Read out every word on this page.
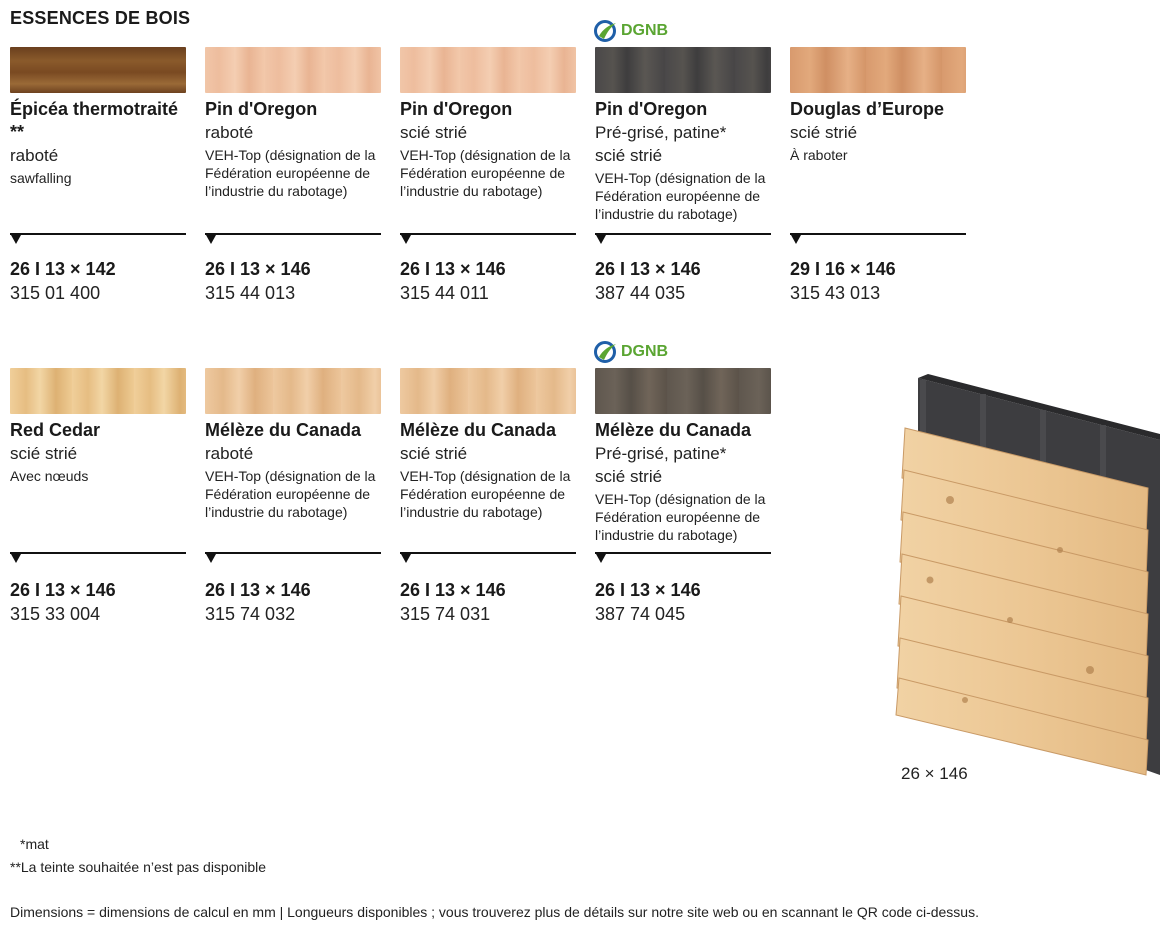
ESSENCES DE BOIS
DGNB
DGNB
Épicéa thermotraité **
raboté
sawfalling
26 I 13 × 142
315 01 400
Pin d'Oregon
raboté
VEH-Top (désignation de la Fédération européenne de l’industrie du rabotage)
26 I 13 × 146
315 44 013
Pin d'Oregon
scié strié
VEH-Top (désignation de la Fédération européenne de l’industrie du rabotage)
26 I 13 × 146
315 44 011
Pin d'Oregon
Pré-grisé, patine* scié strié
VEH-Top (désignation de la Fédération européenne de l’industrie du rabotage)
26 I 13 × 146
387 44 035
Douglas d’Europe
scié strié
À raboter
29 I 16 × 146
315 43 013
Red Cedar
scié strié
Avec nœuds
26 I 13 × 146
315 33 004
Mélèze du Canada
raboté
VEH-Top (désignation de la Fédération européenne de l’industrie du rabotage)
26 I 13 × 146
315 74 032
Mélèze du Canada
scié strié
VEH-Top (désignation de la Fédération européenne de l’industrie du rabotage)
26 I 13 × 146
315 74 031
Mélèze du Canada
Pré-grisé, patine* scié strié
VEH-Top (désignation de la Fédération européenne de l’industrie du rabotage)
26 I 13 × 146
387 74 045
26 × 146
*mat
**La teinte souhaitée n’est pas disponible
Dimensions = dimensions de calcul en mm | Longueurs disponibles ; vous trouverez plus de détails sur notre site web ou en scannant le QR code ci-dessus.
